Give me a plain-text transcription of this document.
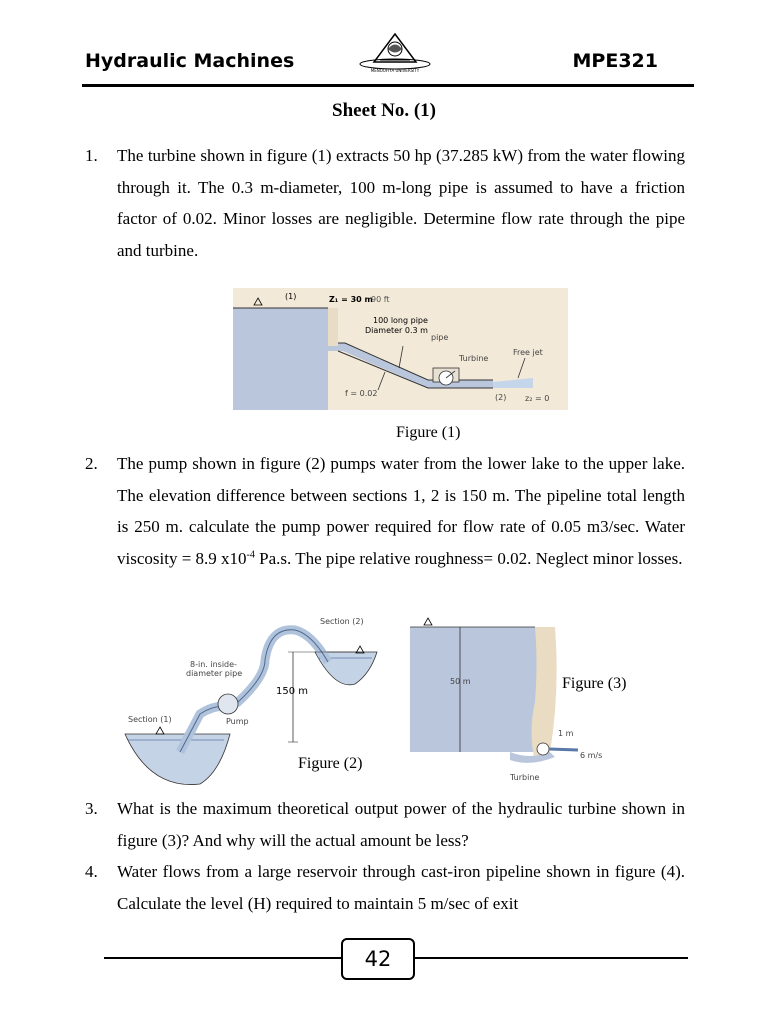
Hydraulic Machines	MENOUFIYA UNIVERSITY	MPE321
Sheet No. (1)
1. The turbine shown in figure (1) extracts 50 hp (37.285 kW) from the water flowing through it. The 0.3 m-diameter, 100 m-long pipe is assumed to have a friction factor of 0.02. Minor losses are negligible. Determine flow rate through the pipe and turbine.
(1)	Z₁ = 30 m
90 ft
100 long pipe
Diameter 0.3 m
pipe
Turbine
Free jet
f = 0.02	(2) z₂ = 0
Figure (1)
2. The pump shown in figure (2) pumps water from the lower lake to the upper lake. The elevation difference between sections 1, 2 is 150 m. The pipeline total length is 250 m. calculate the pump power required for flow rate of 0.05 m3/sec. Water viscosity = 8.9 $x10^{-4}$ Pa.s. The pipe relative roughness= 0.02. Neglect minor losses.
Section (2)
8-in. inside-
diameter pipe
150 m
Section (1)	Pump
Figure (2)
50 m
1 m
6 m/s
Turbine
Figure (3)
3. What is the maximum theoretical output power of the hydraulic turbine shown in figure (3)? And why will the actual amount be less?
4. Water flows from a large reservoir through cast-iron pipeline shown in figure (4). Calculate the level (H) required to maintain 5 m/sec of exit
42
